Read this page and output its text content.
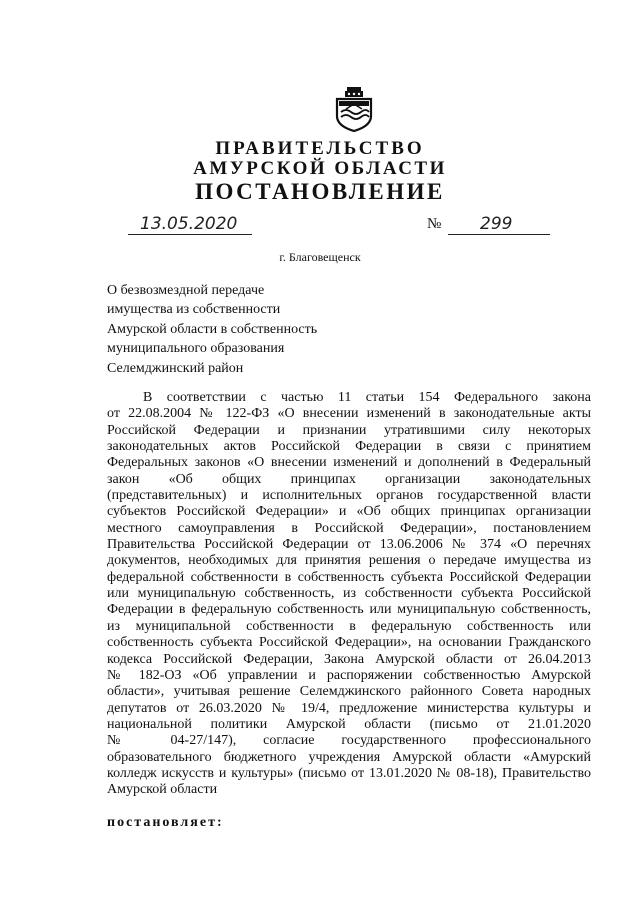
ПРАВИТЕЛЬСТВО
АМУРСКОЙ ОБЛАСТИ
ПОСТАНОВЛЕНИЕ
13.05.2020	№ 299
г. Благовещенск
О безвозмездной передаче
имущества из собственности
Амурской области в собственность
муниципального образования
Селемджинский район
В соответствии с частью 11 статьи 154 Федерального закона
от 22.08.2004 № 122-ФЗ «О внесении изменений в законодательные акты
Российской Федерации и признании утратившими силу некоторых
законодательных актов Российской Федерации в связи с принятием
Федеральных законов «О внесении изменений и дополнений в Федеральный
закон «Об общих принципах организации законодательных
(представительных) и исполнительных органов государственной власти
субъектов Российской Федерации» и «Об общих принципах организации
местного самоуправления в Российской Федерации», постановлением
Правительства Российской Федерации от 13.06.2006 № 374 «О перечнях
документов, необходимых для принятия решения о передаче имущества из
федеральной собственности в собственность субъекта Российской Федерации
или муниципальную собственность, из собственности субъекта Российской
Федерации в федеральную собственность или муниципальную собственность,
из муниципальной собственности в федеральную собственность или
собственность субъекта Российской Федерации», на основании Гражданского
кодекса Российской Федерации, Закона Амурской области от 26.04.2013
№ 182-ОЗ «Об управлении и распоряжении собственностью Амурской
области», учитывая решение Селемджинского районного Совета народных
депутатов от 26.03.2020 № 19/4, предложение министерства культуры и
национальной политики Амурской области (письмо от 21.01.2020
№ 04-27/147), согласие государственного профессионального
образовательного бюджетного учреждения Амурской области «Амурский
колледж искусств и культуры» (письмо от 13.01.2020 № 08-18), Правительство
Амурской области
постановляет:
